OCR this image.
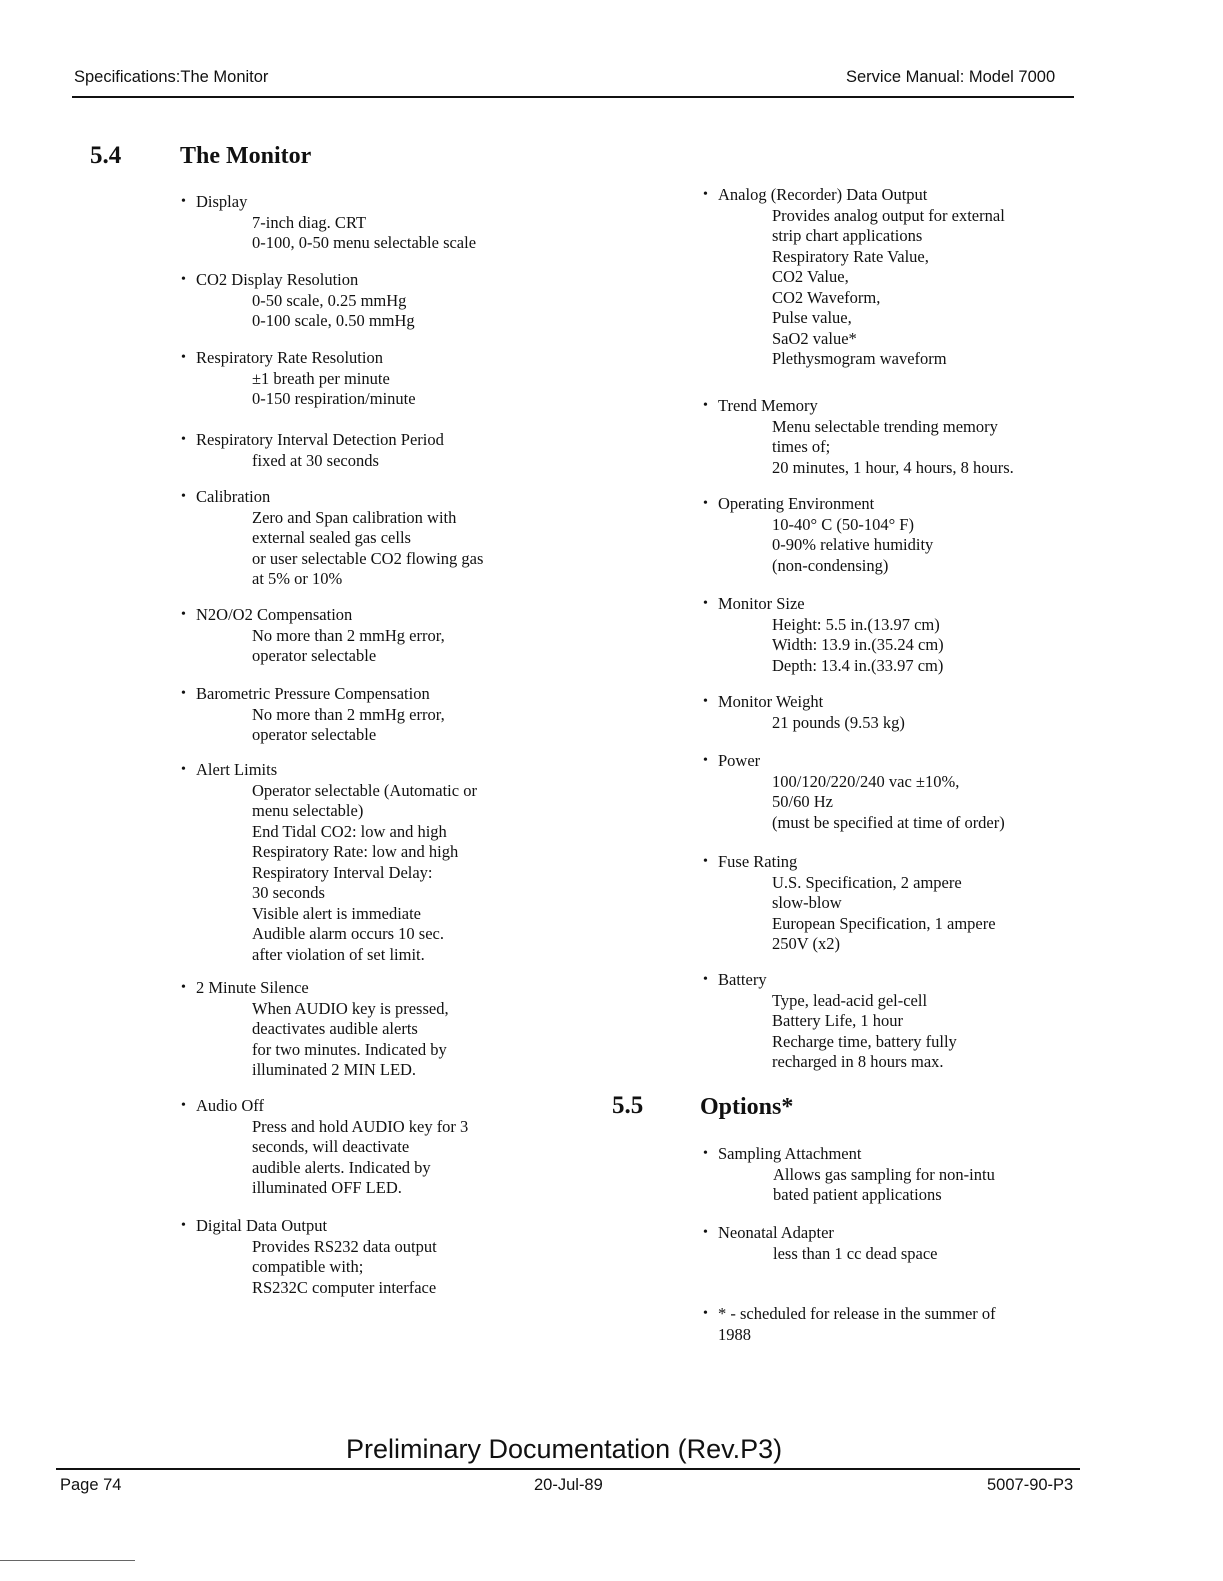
Specifications:The Monitor	Service Manual: Model 7000
5.4 The Monitor
• Display
7-inch diag. CRT
0-100, 0-50 menu selectable scale
• CO2 Display Resolution
0-50 scale, 0.25 mmHg
0-100 scale, 0.50 mmHg
• Respiratory Rate Resolution
±1 breath per minute
0-150 respiration/minute
• Respiratory Interval Detection Period
fixed at 30 seconds
• Calibration
Zero and Span calibration with
external sealed gas cells
or user selectable CO2 flowing gas
at 5% or 10%
• N2O/O2 Compensation
No more than 2 mmHg error,
operator selectable
• Barometric Pressure Compensation
No more than 2 mmHg error,
operator selectable
• Alert Limits
Operator selectable (Automatic or
menu selectable)
End Tidal CO2: low and high
Respiratory Rate: low and high
Respiratory Interval Delay:
30 seconds
Visible alert is immediate
Audible alarm occurs 10 sec.
after violation of set limit.
• 2 Minute Silence
When AUDIO key is pressed,
deactivates audible alerts
for two minutes. Indicated by
illuminated 2 MIN LED.
• Audio Off
Press and hold AUDIO key for 3
seconds, will deactivate
audible alerts. Indicated by
illuminated OFF LED.
• Digital Data Output
Provides RS232 data output
compatible with;
RS232C computer interface
• Analog (Recorder) Data Output
Provides analog output for external
strip chart applications
Respiratory Rate Value,
CO2 Value,
CO2 Waveform,
Pulse value,
SaO2 value*
Plethysmogram waveform
• Trend Memory
Menu selectable trending memory
times of;
20 minutes, 1 hour, 4 hours, 8 hours.
• Operating Environment
10-40° C (50-104° F)
0-90% relative humidity
(non-condensing)
• Monitor Size
Height: 5.5 in.(13.97 cm)
Width: 13.9 in.(35.24 cm)
Depth: 13.4 in.(33.97 cm)
• Monitor Weight
21 pounds (9.53 kg)
• Power
100/120/220/240 vac ±10%,
50/60 Hz
(must be specified at time of order)
• Fuse Rating
U.S. Specification, 2 ampere
slow-blow
European Specification, 1 ampere
250V (x2)
• Battery
Type, lead-acid gel-cell
Battery Life, 1 hour
Recharge time, battery fully
recharged in 8 hours max.
5.5 Options*
• Sampling Attachment
Allows gas sampling for non-intu
bated patient applications
• Neonatal Adapter
less than 1 cc dead space
• * - scheduled for release in the summer of
1988
Preliminary Documentation (Rev.P3)
Page 74	20-Jul-89	5007-90-P3
